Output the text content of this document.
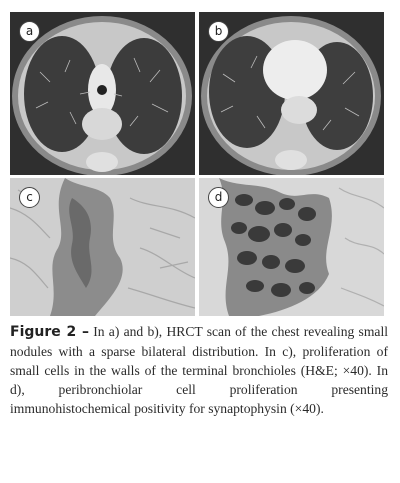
a	b
c	d

Figure 2 – In a) and b), HRCT scan of the chest revealing small nodules with a sparse bilateral distribution. In c), proliferation of small cells in the walls of the terminal bronchioles (H&E; ×40). In d), peribronchiolar cell proliferation presenting immunohistochemical positivity for synaptophysin (×40).
